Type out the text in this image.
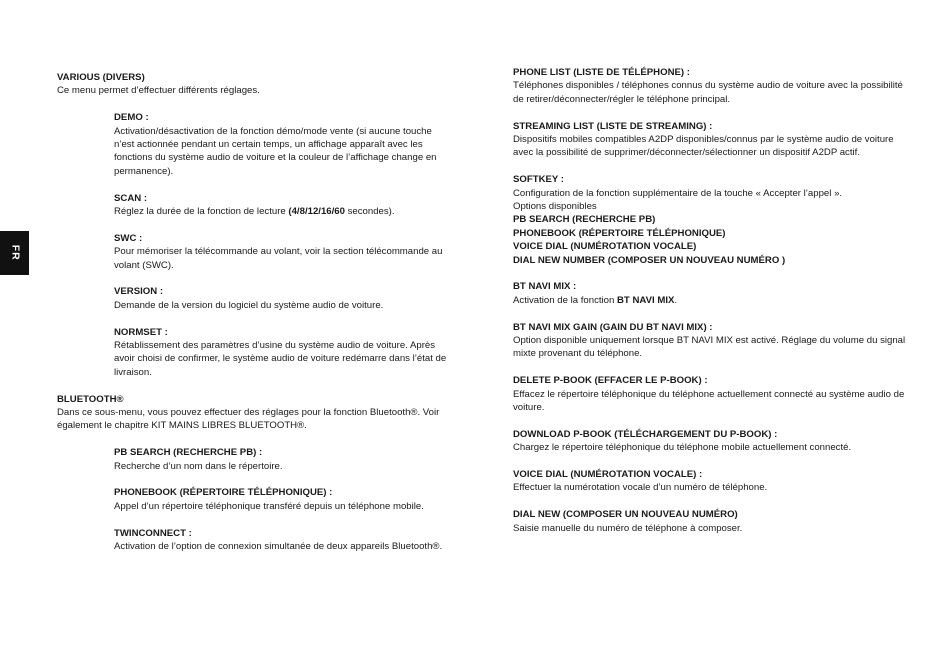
FR
VARIOUS (DIVERS)
Ce menu permet d’effectuer différents réglages.
DEMO :
Activation/désactivation de la fonction démo/mode vente (si aucune touche n’est actionnée pendant un certain temps, un affichage apparaît avec les fonctions du système audio de voiture et la couleur de l’affichage change en permanence).
SCAN :
Réglez la durée de la fonction de lecture (4/8/12/16/60 secondes).
SWC :
Pour mémoriser la télécommande au volant, voir la section télécommande au volant (SWC).
VERSION :
Demande de la version du logiciel du système audio de voiture.
NORMSET :
Rétablissement des paramètres d’usine du système audio de voiture. Après avoir choisi de confirmer, le système audio de voiture redémarre dans l’état de livraison.
BLUETOOTH®
Dans ce sous-menu, vous pouvez effectuer des réglages pour la fonction Bluetooth®. Voir également le chapitre KIT MAINS LIBRES BLUETOOTH®.
PB SEARCH (RECHERCHE PB) :
Recherche d’un nom dans le répertoire.
PHONEBOOK (RÉPERTOIRE TÉLÉPHONIQUE) :
Appel d’un répertoire téléphonique transféré depuis un téléphone mobile.
TWINCONNECT :
Activation de l’option de connexion simultanée de deux appareils Bluetooth®.
PHONE LIST (LISTE DE TÉLÉPHONE) :
Téléphones disponibles / téléphones connus du système audio de voiture avec la possibilité de retirer/déconnecter/régler le téléphone principal.
STREAMING LIST (LISTE DE STREAMING) :
Dispositifs mobiles compatibles A2DP disponibles/connus par le système audio de voiture avec la possibilité de supprimer/déconnecter/sélectionner un dispositif A2DP actif.
SOFTKEY :
Configuration de la fonction supplémentaire de la touche « Accepter l’appel ».
Options disponibles
PB SEARCH (RECHERCHE PB)
PHONEBOOK (RÉPERTOIRE TÉLÉPHONIQUE)
VOICE DIAL (NUMÉROTATION VOCALE)
DIAL NEW NUMBER (COMPOSER UN NOUVEAU NUMÉRO )
BT NAVI MIX :
Activation de la fonction BT NAVI MIX.
BT NAVI MIX GAIN (GAIN DU BT NAVI MIX) :
Option disponible uniquement lorsque BT NAVI MIX est activé. Réglage du volume du signal mixte provenant du téléphone.
DELETE P-BOOK (EFFACER LE P-BOOK) :
Effacez le répertoire téléphonique du téléphone actuellement connecté au système audio de voiture.
DOWNLOAD P-BOOK (TÉLÉCHARGEMENT DU P-BOOK) :
Chargez le répertoire téléphonique du téléphone mobile actuellement connecté.
VOICE DIAL (NUMÉROTATION VOCALE) :
Effectuer la numérotation vocale d’un numéro de téléphone.
DIAL NEW (COMPOSER UN NOUVEAU NUMÉRO)
Saisie manuelle du numéro de téléphone à composer.
